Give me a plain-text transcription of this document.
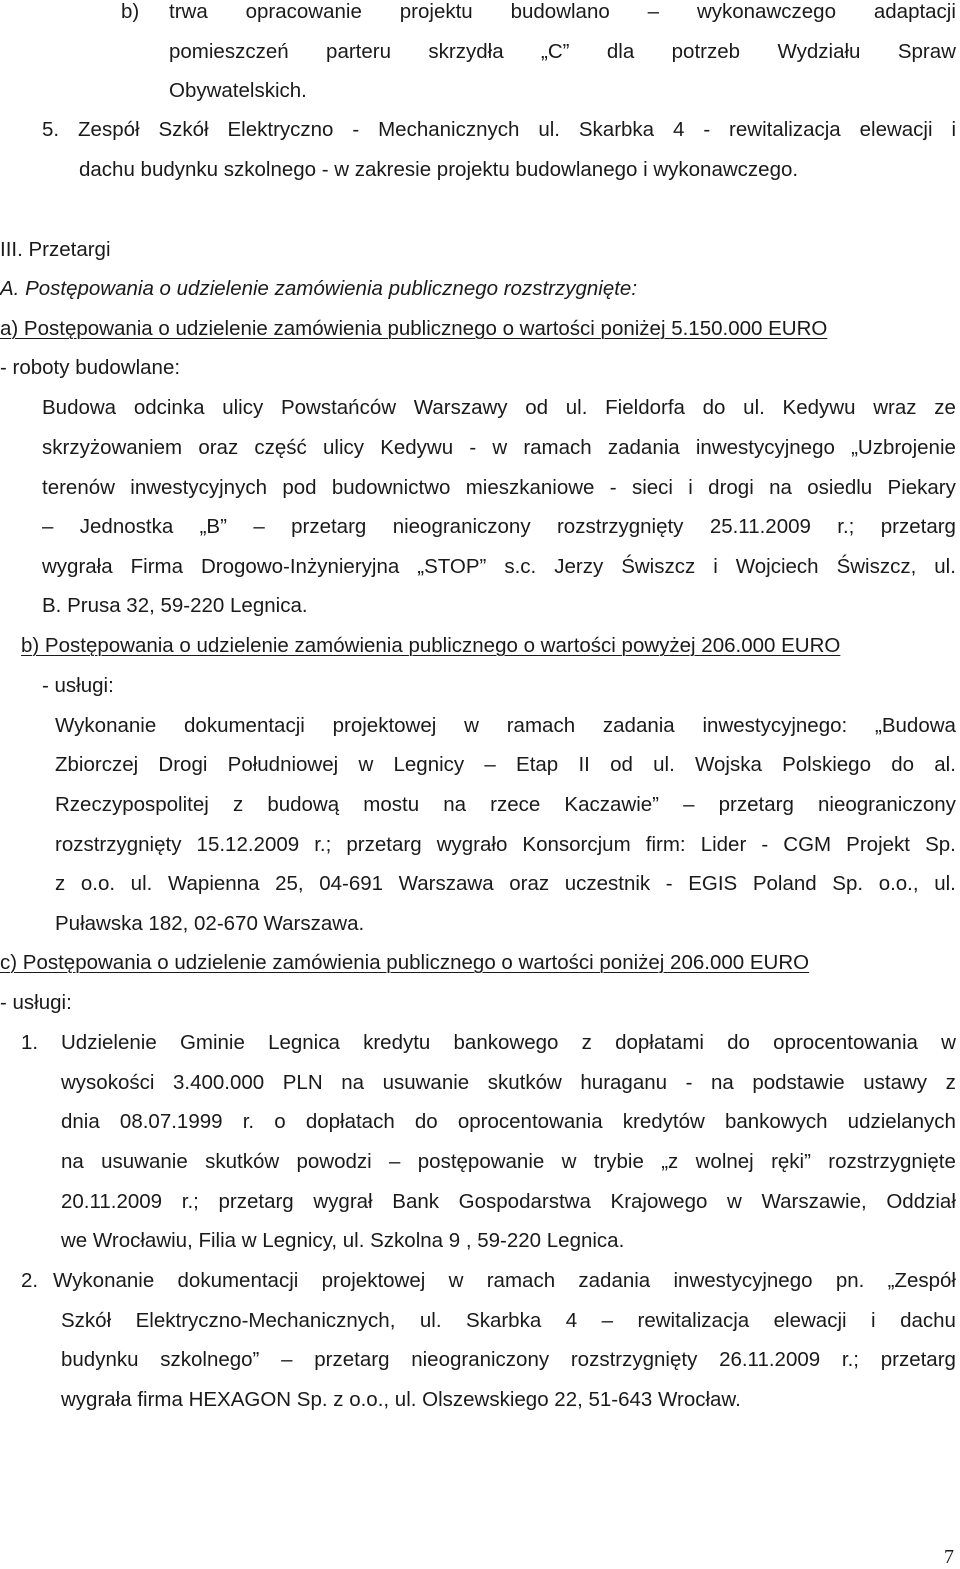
b) trwa opracowanie projektu budowlano – wykonawczego adaptacji
pomieszczeń parteru skrzydła „C” dla potrzeb Wydziału Spraw
Obywatelskich.
5. Zespół Szkół Elektryczno - Mechanicznych ul. Skarbka 4 - rewitalizacja elewacji i
dachu budynku szkolnego - w zakresie projektu budowlanego i wykonawczego.
III. Przetargi
A. Postępowania o udzielenie zamówienia publicznego rozstrzygnięte:
a) Postępowania o udzielenie zamówienia publicznego o wartości poniżej 5.150.000 EURO
- roboty budowlane:
Budowa odcinka ulicy Powstańców Warszawy od ul. Fieldorfa do ul. Kedywu wraz ze
skrzyżowaniem oraz część ulicy Kedywu - w ramach zadania inwestycyjnego „Uzbrojenie
terenów inwestycyjnych pod budownictwo mieszkaniowe - sieci i drogi na osiedlu Piekary
– Jednostka „B” – przetarg nieograniczony rozstrzygnięty 25.11.2009 r.; przetarg
wygrała Firma Drogowo-Inżynieryjna „STOP” s.c. Jerzy Świszcz i Wojciech Świszcz, ul.
B. Prusa 32, 59-220 Legnica.
b) Postępowania o udzielenie zamówienia publicznego o wartości powyżej 206.000 EURO
- usługi:
Wykonanie dokumentacji projektowej w ramach zadania inwestycyjnego: „Budowa
Zbiorczej Drogi Południowej w Legnicy – Etap II od ul. Wojska Polskiego do al.
Rzeczypospolitej z budową mostu na rzece Kaczawie” – przetarg nieograniczony
rozstrzygnięty 15.12.2009 r.; przetarg wygrało Konsorcjum firm: Lider - CGM Projekt Sp.
z o.o. ul. Wapienna 25, 04-691 Warszawa oraz uczestnik - EGIS Poland Sp. o.o., ul.
Puławska 182, 02-670 Warszawa.
c) Postępowania o udzielenie zamówienia publicznego o wartości poniżej 206.000 EURO
- usługi:
1. Udzielenie Gminie Legnica kredytu bankowego z dopłatami do oprocentowania w
wysokości 3.400.000 PLN na usuwanie skutków huraganu - na podstawie ustawy z
dnia 08.07.1999 r. o dopłatach do oprocentowania kredytów bankowych udzielanych
na usuwanie skutków powodzi – postępowanie w trybie „z wolnej ręki” rozstrzygnięte
20.11.2009 r.; przetarg wygrał Bank Gospodarstwa Krajowego w Warszawie, Oddział
we Wrocławiu, Filia w Legnicy, ul. Szkolna 9 , 59-220 Legnica.
2. Wykonanie dokumentacji projektowej w ramach zadania inwestycyjnego pn. „Zespół
Szkół Elektryczno-Mechanicznych, ul. Skarbka 4 – rewitalizacja elewacji i dachu
budynku szkolnego” – przetarg nieograniczony rozstrzygnięty 26.11.2009 r.; przetarg
wygrała firma HEXAGON Sp. z o.o., ul. Olszewskiego 22, 51-643 Wrocław.
7
